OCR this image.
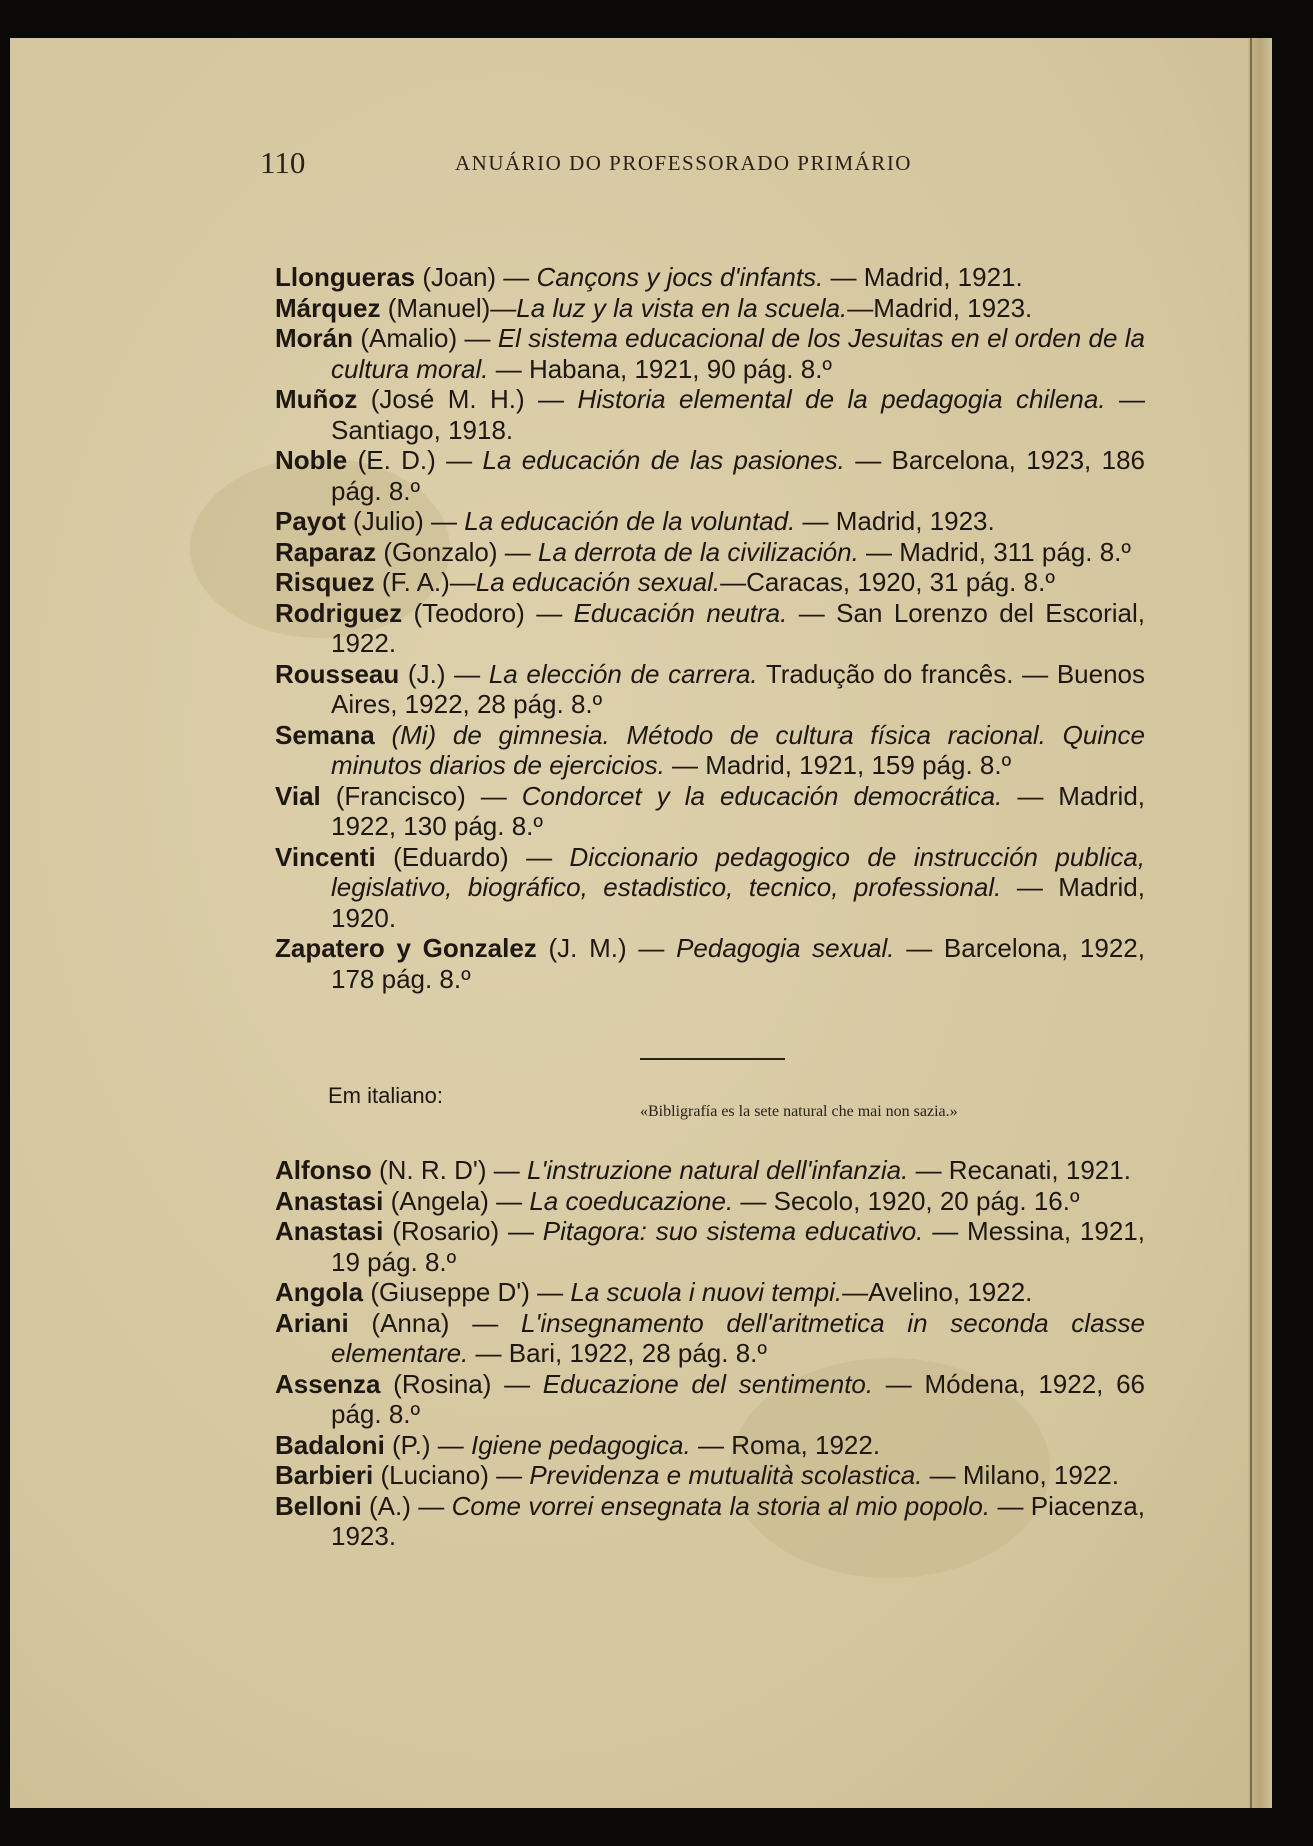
110	ANUÁRIO DO PROFESSORADO PRIMÁRIO
Llongueras (Joan) — Cançons y jocs d'infants. — Madrid, 1921.
Márquez (Manuel)—La luz y la vista en la scuela.—Madrid, 1923.
Morán (Amalio) — El sistema educacional de los Jesuitas en el orden de la cultura moral. — Habana, 1921, 90 pág. 8.º
Muñoz (José M. H.) — Historia elemental de la pedagogia chilena. — Santiago, 1918.
Noble (E. D.) — La educación de las pasiones. — Barcelona, 1923, 186 pág. 8.º
Payot (Julio) — La educación de la voluntad. — Madrid, 1923.
Raparaz (Gonzalo) — La derrota de la civilización. — Madrid, 311 pág. 8.º
Risquez (F. A.)—La educación sexual.—Caracas, 1920, 31 pág. 8.º
Rodriguez (Teodoro) — Educación neutra. — San Lorenzo del Escorial, 1922.
Rousseau (J.) — La elección de carrera. Tradução do francês. — Buenos Aires, 1922, 28 pág. 8.º
Semana (Mi) de gimnesia. Método de cultura física racional. Quince minutos diarios de ejercicios. — Madrid, 1921, 159 pág. 8.º
Vial (Francisco) — Condorcet y la educación democrática. — Madrid, 1922, 130 pág. 8.º
Vincenti (Eduardo) — Diccionario pedagogico de instrucción publica, legislativo, biográfico, estadistico, tecnico, professional. — Madrid, 1920.
Zapatero y Gonzalez (J. M.) — Pedagogia sexual. — Barcelona, 1922, 178 pág. 8.º
Em italiano:
«Bibligrafía es la sete natural che mai non sazia.»
Alfonso (N. R. D') — L'instruzione natural dell'infanzia. — Recanati, 1921.
Anastasi (Angela) — La coeducazione. — Secolo, 1920, 20 pág. 16.º
Anastasi (Rosario) — Pitagora: suo sistema educativo. — Messina, 1921, 19 pág. 8.º
Angola (Giuseppe D') — La scuola i nuovi tempi.—Avelino, 1922.
Ariani (Anna) — L'insegnamento dell'aritmetica in seconda classe elementare. — Bari, 1922, 28 pág. 8.º
Assenza (Rosina) — Educazione del sentimento. — Módena, 1922, 66 pág. 8.º
Badaloni (P.) — Igiene pedagogica. — Roma, 1922.
Barbieri (Luciano) — Previdenza e mutualità scolastica. — Milano, 1922.
Belloni (A.) — Come vorrei ensegnata la storia al mio popolo. — Piacenza, 1923.
